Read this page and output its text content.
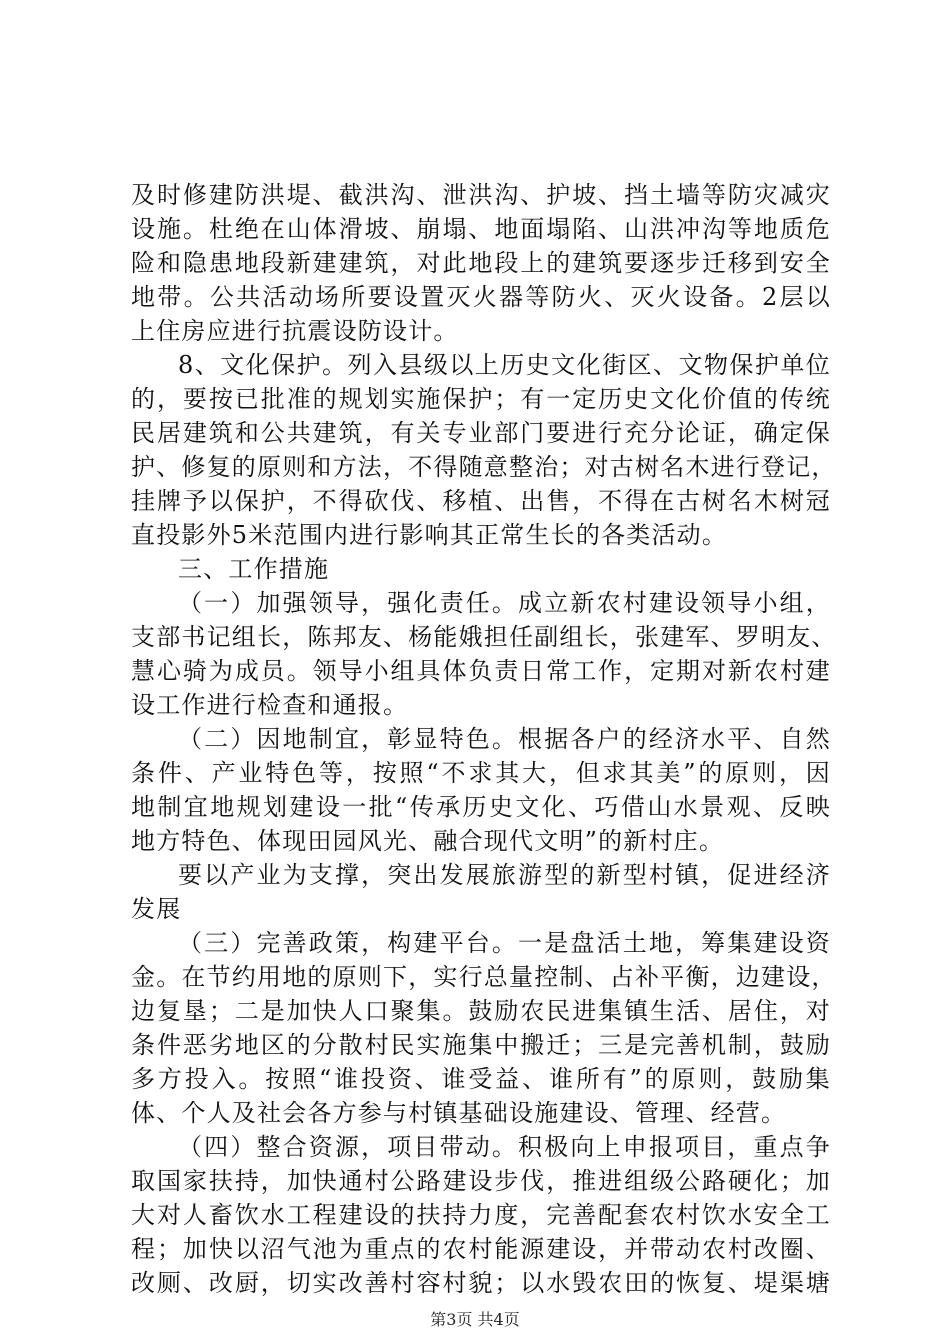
及时修建防洪堤、截洪沟、泄洪沟、护坡、挡土墙等防灾减灾
设施。杜绝在山体滑坡、崩塌、地面塌陷、山洪冲沟等地质危
险和隐患地段新建建筑，对此地段上的建筑要逐步迁移到安全
地带。公共活动场所要设置灭火器等防火、灭火设备。2层以
上住房应进行抗震设防设计。
8、文化保护。列入县级以上历史文化街区、文物保护单位
的，要按已批准的规划实施保护；有一定历史文化价值的传统
民居建筑和公共建筑，有关专业部门要进行充分论证，确定保
护、修复的原则和方法，不得随意整治；对古树名木进行登记，
挂牌予以保护，不得砍伐、移植、出售，不得在古树名木树冠
直投影外5米范围内进行影响其正常生长的各类活动。
三、工作措施
（一）加强领导，强化责任。成立新农村建设领导小组，
支部书记组长，陈邦友、杨能娥担任副组长，张建军、罗明友、
慧心骑为成员。领导小组具体负责日常工作，定期对新农村建
设工作进行检查和通报。
（二）因地制宜，彰显特色。根据各户的经济水平、自然
条件、产业特色等，按照“不求其大，但求其美”的原则，因
地制宜地规划建设一批“传承历史文化、巧借山水景观、反映
地方特色、体现田园风光、融合现代文明”的新村庄。
要以产业为支撑，突出发展旅游型的新型村镇，促进经济
发展
（三）完善政策，构建平台。一是盘活土地，筹集建设资
金。在节约用地的原则下，实行总量控制、占补平衡，边建设，
边复垦；二是加快人口聚集。鼓励农民进集镇生活、居住，对
条件恶劣地区的分散村民实施集中搬迁；三是完善机制，鼓励
多方投入。按照“谁投资、谁受益、谁所有”的原则，鼓励集
体、个人及社会各方参与村镇基础设施建设、管理、经营。
（四）整合资源，项目带动。积极向上申报项目，重点争
取国家扶持，加快通村公路建设步伐，推进组级公路硬化；加
大对人畜饮水工程建设的扶持力度，完善配套农村饮水安全工
程；加快以沼气池为重点的农村能源建设，并带动农村改圈、
改厕、改厨，切实改善村容村貌；以水毁农田的恢复、堤渠塘
第3页 共4页
